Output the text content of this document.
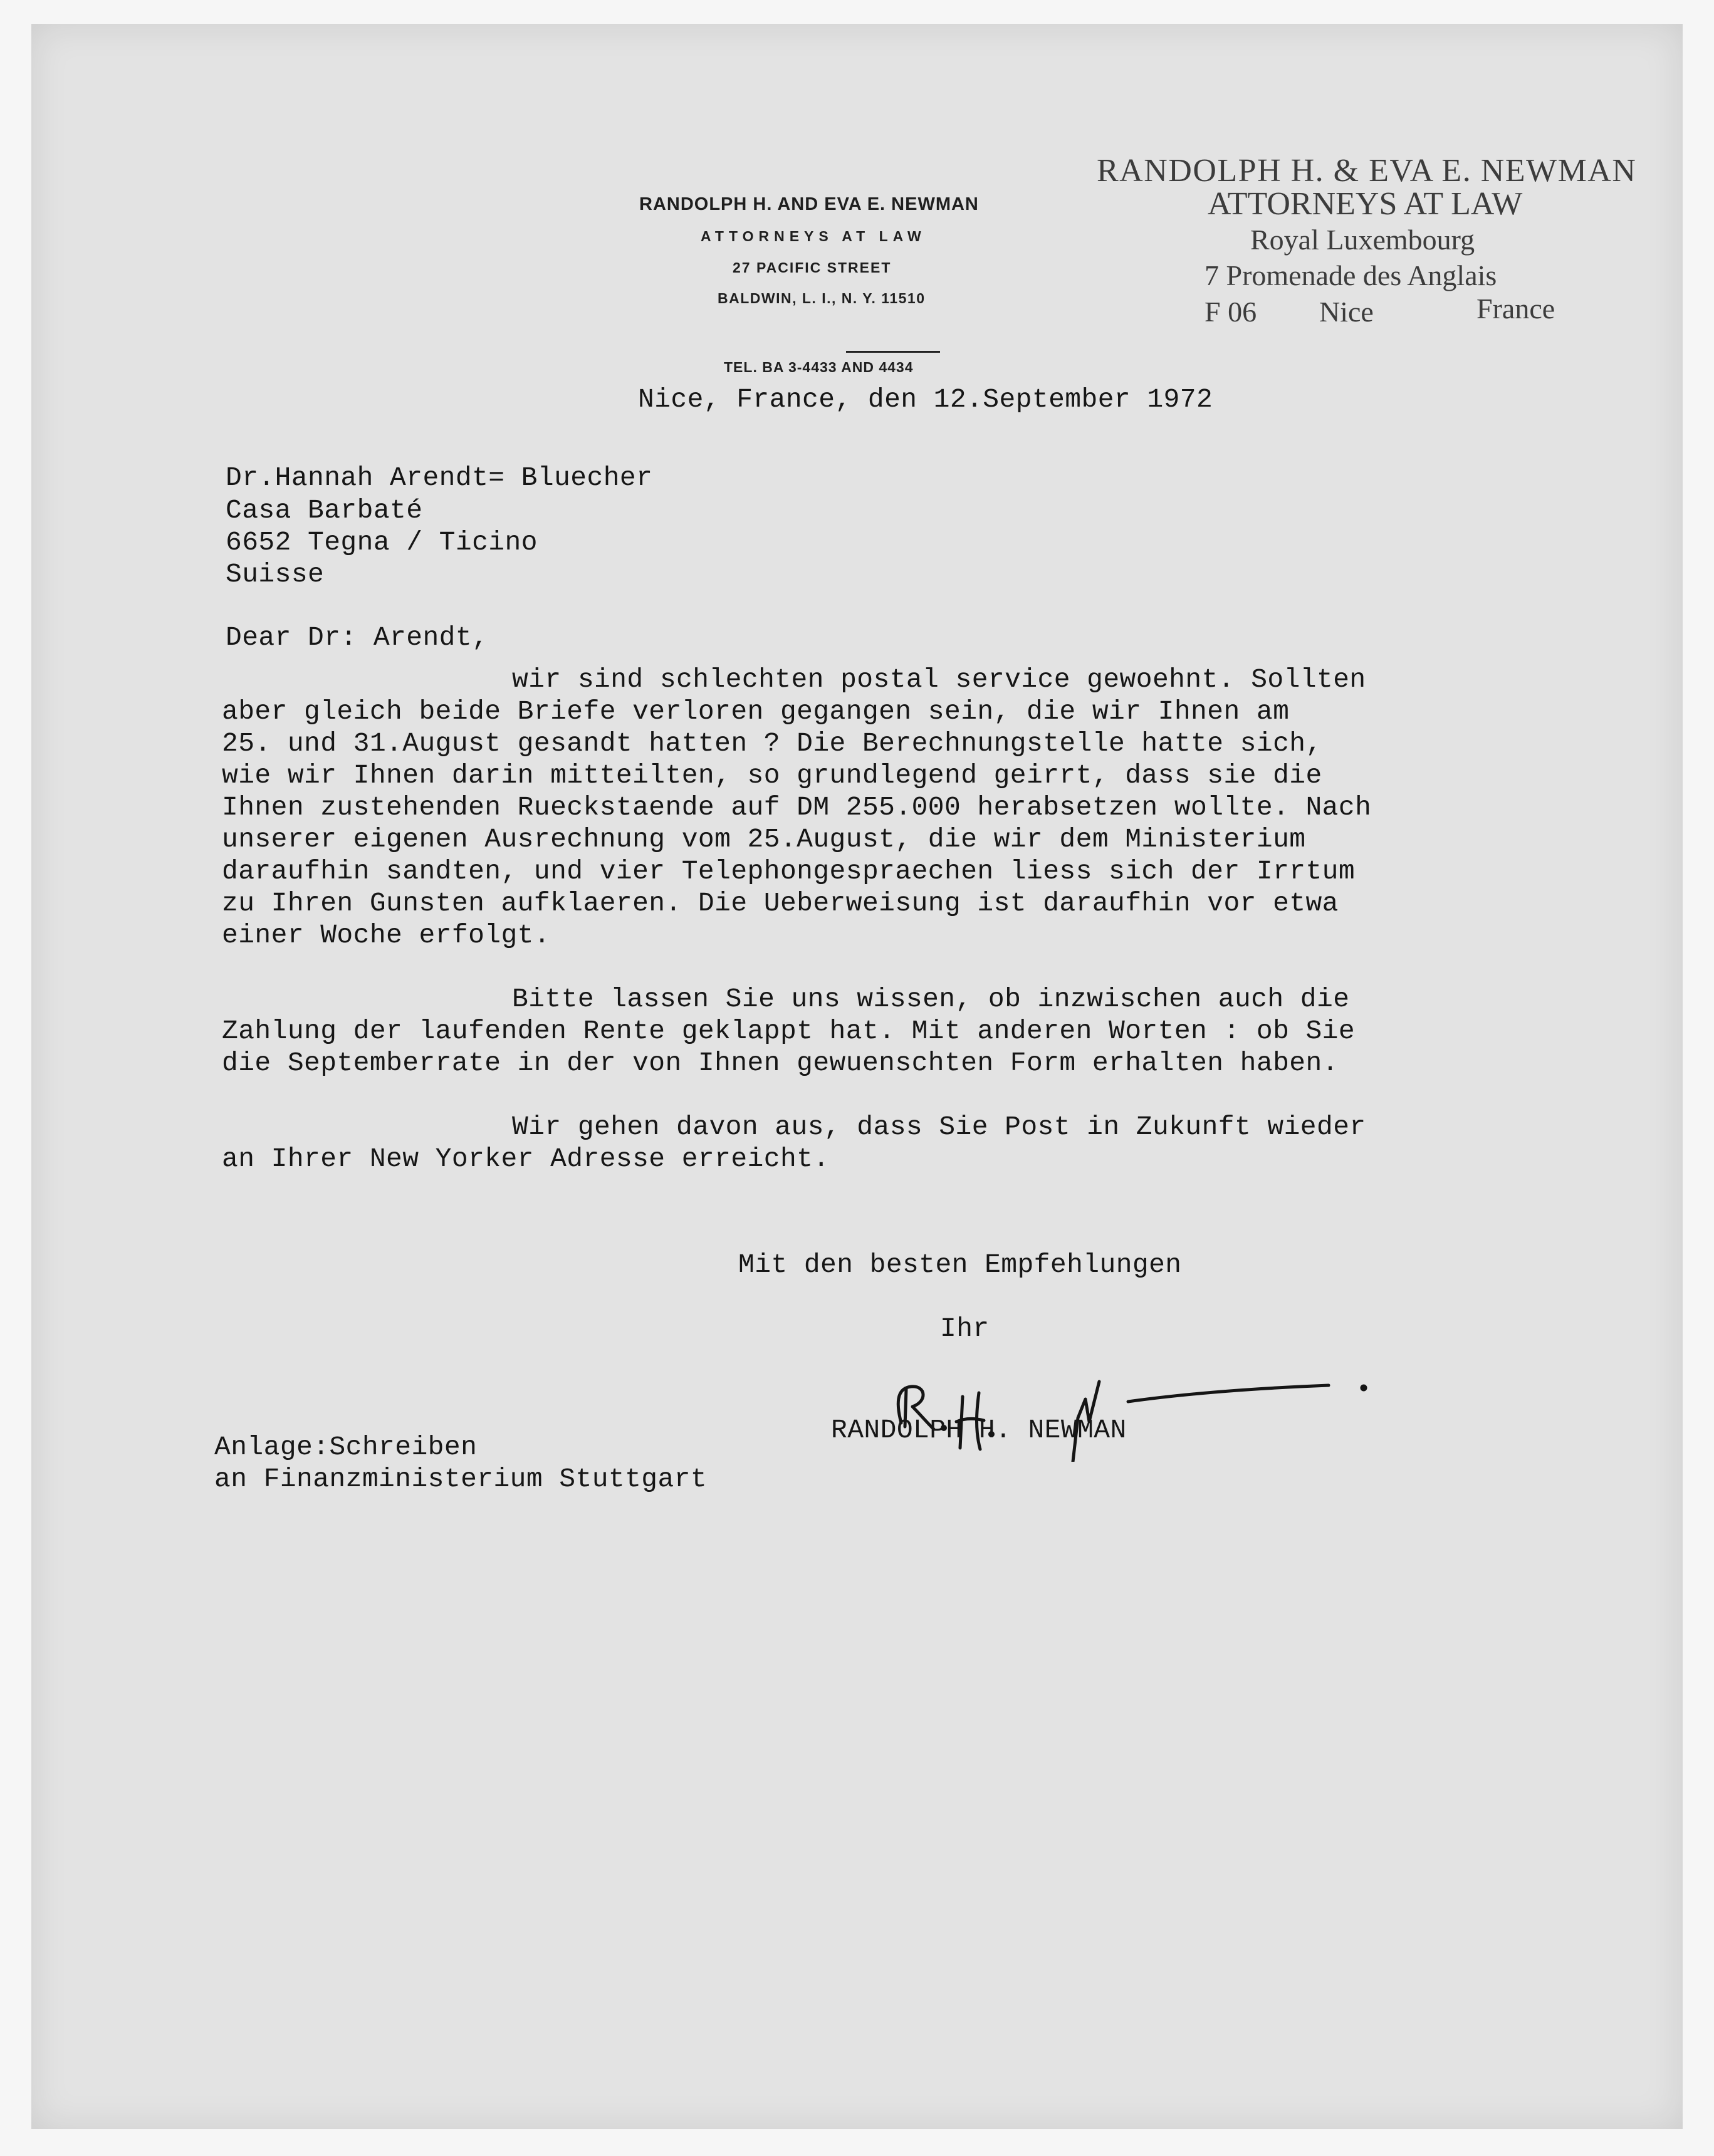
RANDOLPH H. AND EVA E. NEWMAN
ATTORNEYS AT LAW
27 PACIFIC STREET
BALDWIN, L. I., N. Y. 11510
TEL. BA 3-4433 AND 4434
RANDOLPH H. & EVA E. NEWMAN
ATTORNEYS AT LAW
Royal Luxembourg
7 Promenade des Anglais
F 06 Nice	France
Nice, France, den 12.September 1972
Dr.Hannah Arendt= Bluecher
Casa Barbaté
6652 Tegna / Ticino
Suisse
Dear Dr: Arendt,
wir sind schlechten postal service gewoehnt. Sollten
aber gleich beide Briefe verloren gegangen sein, die wir Ihnen am
25. und 31.August gesandt hatten ? Die Berechnungstelle hatte sich,
wie wir Ihnen darin mitteilten, so grundlegend geirrt, dass sie die
Ihnen zustehenden Rueckstaende auf DM 255.000 herabsetzen wollte. Nach
unserer eigenen Ausrechnung vom 25.August, die wir dem Ministerium
daraufhin sandten, und vier Telephongespraechen liess sich der Irrtum
zu Ihren Gunsten aufklaeren. Die Ueberweisung ist daraufhin vor etwa
einer Woche erfolgt.
Bitte lassen Sie uns wissen, ob inzwischen auch die
Zahlung der laufenden Rente geklappt hat. Mit anderen Worten : ob Sie
die Septemberrate in der von Ihnen gewuenschten Form erhalten haben.
Wir gehen davon aus, dass Sie Post in Zukunft wieder
an Ihrer New Yorker Adresse erreicht.
Mit den besten Empfehlungen
Ihr
RANDOLPH H. NEWMAN
Anlage:Schreiben
an Finanzministerium Stuttgart
